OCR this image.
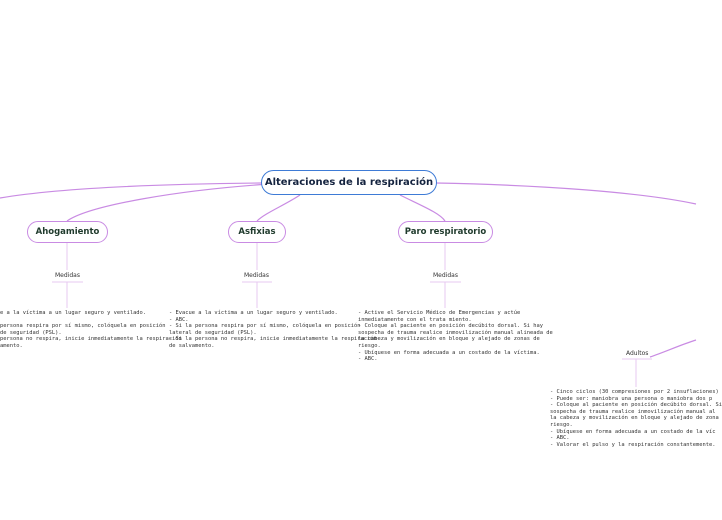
Alteraciones de la respiración
Ahogamiento	Asfixias	Paro respiratorio
Medidas	Medidas	Medidas
e a la víctima a un lugar seguro y ventilado.

persona respira por sí mismo, colóquela en posición
de seguridad (PSL).
persona no respira, inicie inmediatamente la respiración
amento.
- Evacue a la víctima a un lugar seguro y ventilado.
- ABC.
- Si la persona respira por sí mismo, colóquela en posición
lateral de seguridad (PSL).
- Si la persona no respira, inicie inmediatamente la respiración
de salvamento.
- Active el Servicio Médico de Emergencias y actúe
inmediatamente con el trata miento.
- Coloque al paciente en posición decúbito dorsal. Si hay
sospecha de trauma realice inmovilización manual alineada de
la cabeza y movilización en bloque y alejado de zonas de
riesgo.
- Ubíquese en forma adecuada a un costado de la víctima.
- ABC.
Adultos
- Cinco ciclos (30 compresiones por 2 insuflaciones)
- Puede ser: maniobra una persona o maniobra dos p
- Coloque al paciente en posición decúbito dorsal. Si
sospecha de trauma realice inmovilización manual al
la cabeza y movilización en bloque y alejado de zona
riesgo.
- Ubíquese en forma adecuada a un costado de la víc
- ABC.
- Valorar el pulso y la respiración constantemente.
